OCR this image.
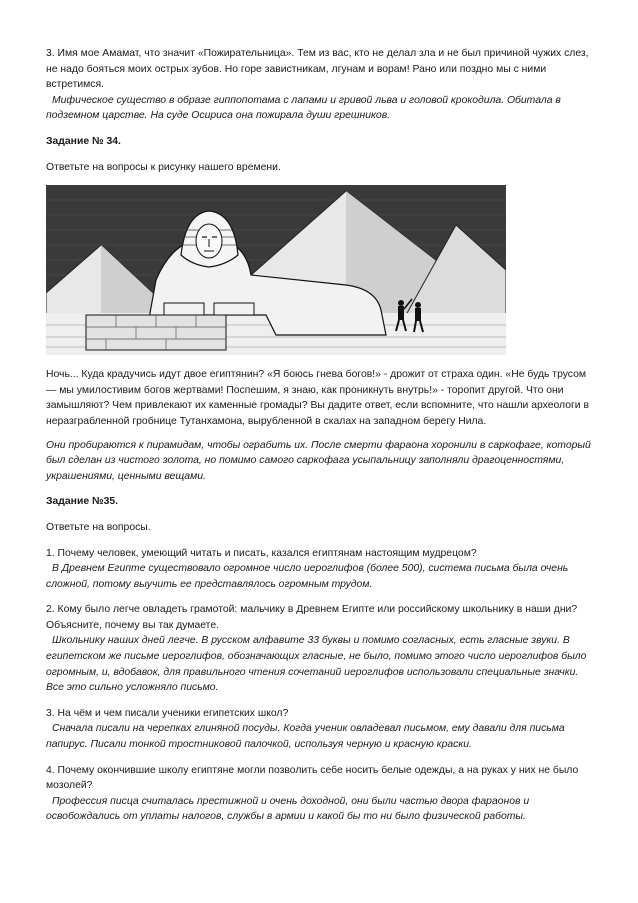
3. Имя мое Амамат, что значит «Пожирательница». Тем из вас, кто не делал зла и не был причиной чужих слез, не надо бояться моих острых зубов. Но горе завистникам, лгунам и ворам! Рано или поздно мы с ними встретимся.

Мифическое существо в образе гиппопотама с лапами и гривой льва и головой крокодила. Обитала в подземном царстве. На суде Осириса она пожирала души грешников.

Задание № 34.

Ответьте на вопросы к рисунку нашего времени.

Ночь... Куда крадучись идут двое египтянин? «Я боюсь гнева богов!» - дрожит от страха один. «Не будь трусом — мы умилостивим богов жертвами! Поспешим, я знаю, как проникнуть внутрь!» - торопит другой. Что они замышляют? Чем привлекают их каменные громады? Вы дадите ответ, если вспомните, что нашли археологи в неразграбленной гробнице Тутанхамона, вырубленной в скалах на западном берегу Нила.

Они пробираются к пирамидам, чтобы ограбить их. После смерти фараона хоронили в саркофаге, который был сделан из чистого золота, но помимо самого саркофага усыпальницу заполняли драгоценностями, украшениями, ценными вещами.

Задание №35.

Ответьте на вопросы.

1. Почему человек, умеющий читать и писать, казался египтянам настоящим мудрецом?

В Древнем Египте существовало огромное число иероглифов (более 500), система письма была очень сложной, потому выучить ее представлялось огромным трудом.

2. Кому было легче овладеть грамотой: мальчику в Древнем Египте или российскому школьнику в наши дни? Объясните, почему вы так думаете.

Школьнику наших дней легче. В русском алфавите 33 буквы и помимо согласных, есть гласные звуки. В египетском же письме иероглифов, обозначающих гласные, не было, помимо этого число иероглифов было огромным, и, вдобавок, для правильного чтения сочетаний иероглифов использовали специальные значки. Все это сильно усложняло письмо.

3. На чём и чем писали ученики египетских школ?

Сначала писали на черепках глиняной посуды. Когда ученик овладевал письмом, ему давали для письма папирус. Писали тонкой тростниковой палочкой, используя черную и красную краски.

4. Почему окончившие школу египтяне могли позволить себе носить белые одежды, а на руках у них не было мозолей?

Профессия писца считалась престижной и очень доходной, они были частью двора фараонов и освобождались от уплаты налогов, службы в армии и какой бы то ни было физической работы.
